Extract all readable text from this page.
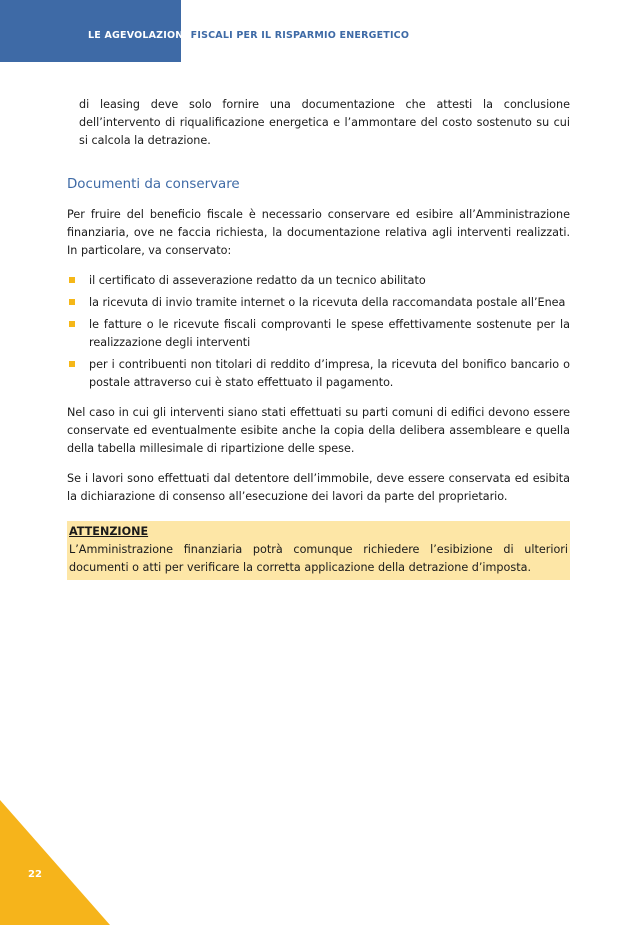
LE AGEVOLAZIONI FISCALI PER IL RISPARMIO ENERGETICO

di leasing deve solo fornire una documentazione che attesti la conclusione dell’intervento di riqualificazione energetica e l’ammontare del costo sostenuto su cui si calcola la detrazione.

Documenti da conservare

Per fruire del beneficio fiscale è necessario conservare ed esibire all’Amministrazione finanziaria, ove ne faccia richiesta, la documentazione relativa agli interventi realizzati. In particolare, va conservato:

il certificato di asseverazione redatto da un tecnico abilitato
la ricevuta di invio tramite internet o la ricevuta della raccomandata postale all’Enea
le fatture o le ricevute fiscali comprovanti le spese effettivamente sostenute per la realizzazione degli interventi
per i contribuenti non titolari di reddito d’impresa, la ricevuta del bonifico bancario o postale attraverso cui è stato effettuato il pagamento.

Nel caso in cui gli interventi siano stati effettuati su parti comuni di edifici devono essere conservate ed eventualmente esibite anche la copia della delibera assembleare e quella della tabella millesimale di ripartizione delle spese.

Se i lavori sono effettuati dal detentore dell’immobile, deve essere conservata ed esibita la dichiarazione di consenso all’esecuzione dei lavori da parte del proprietario.

ATTENZIONE
L’Amministrazione finanziaria potrà comunque richiedere l’esibizione di ulteriori documenti o atti per verificare la corretta applicazione della detrazione d’imposta.
22
